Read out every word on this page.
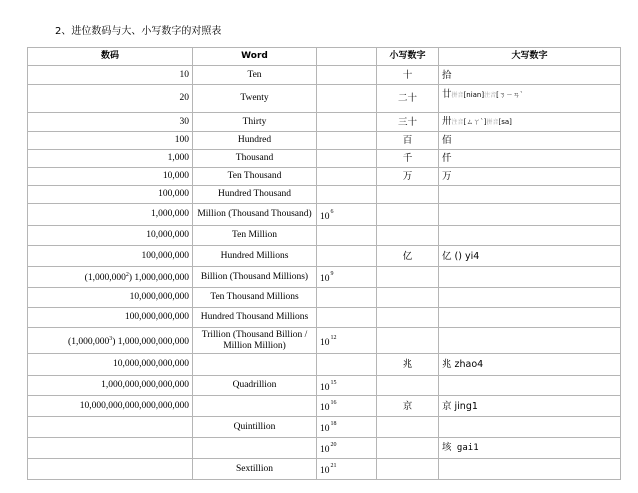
2、进位数码与大、小写数字的对照表
数码	Word		小写数字	大写数字
10	Ten		十	拾
20	Twenty		二十	廿拼音[nian]注音[ㄋㄧㄢˋ
30	Thirty		三十	卅注音[ㄙㄚˋ]拼音[sa]
100	Hundred		百	佰
1,000	Thousand		千	仟
10,000	Ten Thousand		万	万
100,000	Hundred Thousand			
1,000,000	Million (Thousand Thousand)	$10^6$		
10,000,000	Ten Million			
100,000,000	Hundred Millions		亿	亿 () yi4
(1,000,000$^2$) 1,000,000,000	Billion (Thousand Millions)	$10^9$		
10,000,000,000	Ten Thousand Millions			
100,000,000,000	Hundred Thousand Millions			
(1,000,000$^3$) 1,000,000,000,000	Trillion (Thousand Billion / Million Million)	$10^{12}$		
10,000,000,000,000			兆	兆 zhao4
1,000,000,000,000,000	Quadrillion	$10^{15}$		
10,000,000,000,000,000,000		$10^{16}$	京	京 jing1
	Quintillion	$10^{18}$		
		$10^{20}$		垓 gai1
	Sextillion	$10^{21}$		
